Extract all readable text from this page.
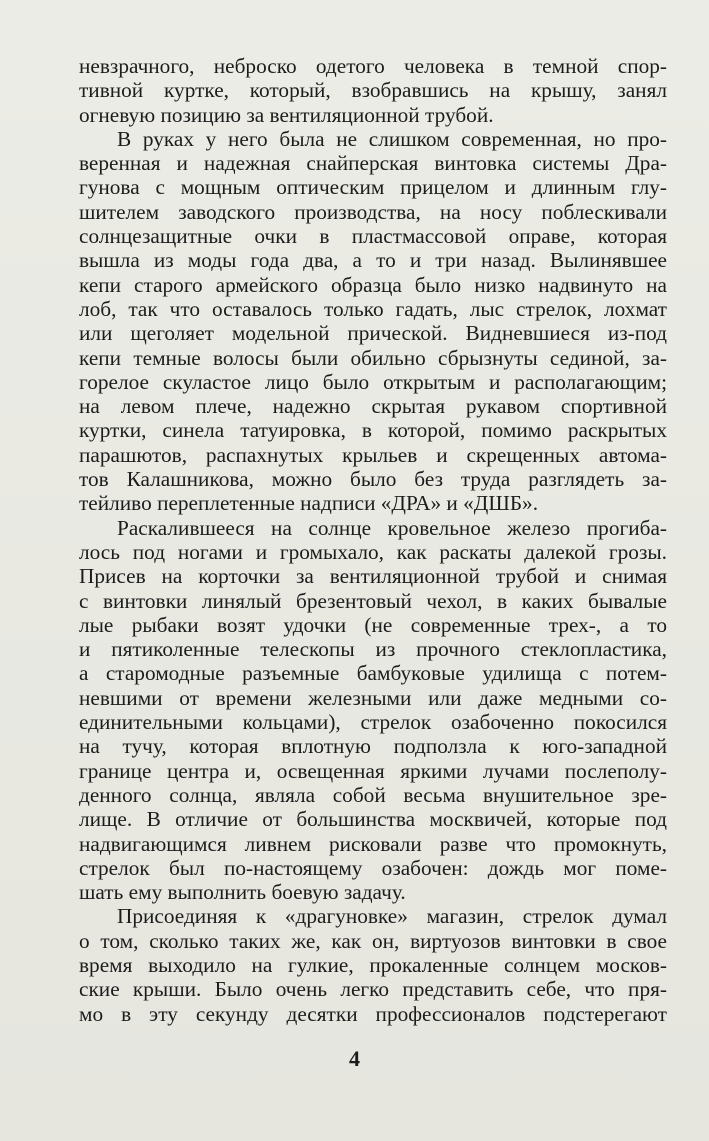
невзрачного, неброско одетого человека в темной спор-
тивной куртке, который, взобравшись на крышу, занял
огневую позицию за вентиляционной трубой.

В руках у него была не слишком современная, но про-
веренная и надежная снайперская винтовка системы Дра-
гунова с мощным оптическим прицелом и длинным глу-
шителем заводского производства, на носу поблескивали
солнцезащитные очки в пластмассовой оправе, которая
вышла из моды года два, а то и три назад. Вылинявшее
кепи старого армейского образца было низко надвинуто на
лоб, так что оставалось только гадать, лыс стрелок, лохмат
или щеголяет модельной прической. Видневшиеся из-под
кепи темные волосы были обильно сбрызнуты сединой, за-
горелое скуластое лицо было открытым и располагающим;
на левом плече, надежно скрытая рукавом спортивной
куртки, синела татуировка, в которой, помимо раскрытых
парашютов, распахнутых крыльев и скрещенных автома-
тов Калашникова, можно было без труда разглядеть за-
тейливо переплетенные надписи «ДРА» и «ДШБ».

Раскалившееся на солнце кровельное железо прогиба-
лось под ногами и громыхало, как раскаты далекой грозы.
Присев на корточки за вентиляционной трубой и снимая
с винтовки линялый брезентовый чехол, в каких бывалые
лые рыбаки возят удочки (не современные трех-, а то
и пятиколенные телескопы из прочного стеклопластика,
а старомодные разъемные бамбуковые удилища с потем-
невшими от времени железными или даже медными со-
единительными кольцами), стрелок озабоченно покосился
на тучу, которая вплотную подползла к юго-западной
границе центра и, освещенная яркими лучами послеполу-
денного солнца, являла собой весьма внушительное зре-
лище. В отличие от большинства москвичей, которые под
надвигающимся ливнем рисковали разве что промокнуть,
стрелок был по-настоящему озабочен: дождь мог поме-
шать ему выполнить боевую задачу.

Присоединяя к «драгуновке» магазин, стрелок думал
о том, сколько таких же, как он, виртуозов винтовки в свое
время выходило на гулкие, прокаленные солнцем москов-
ские крыши. Было очень легко представить себе, что пря-
мо в эту секунду десятки профессионалов подстерегают

4
